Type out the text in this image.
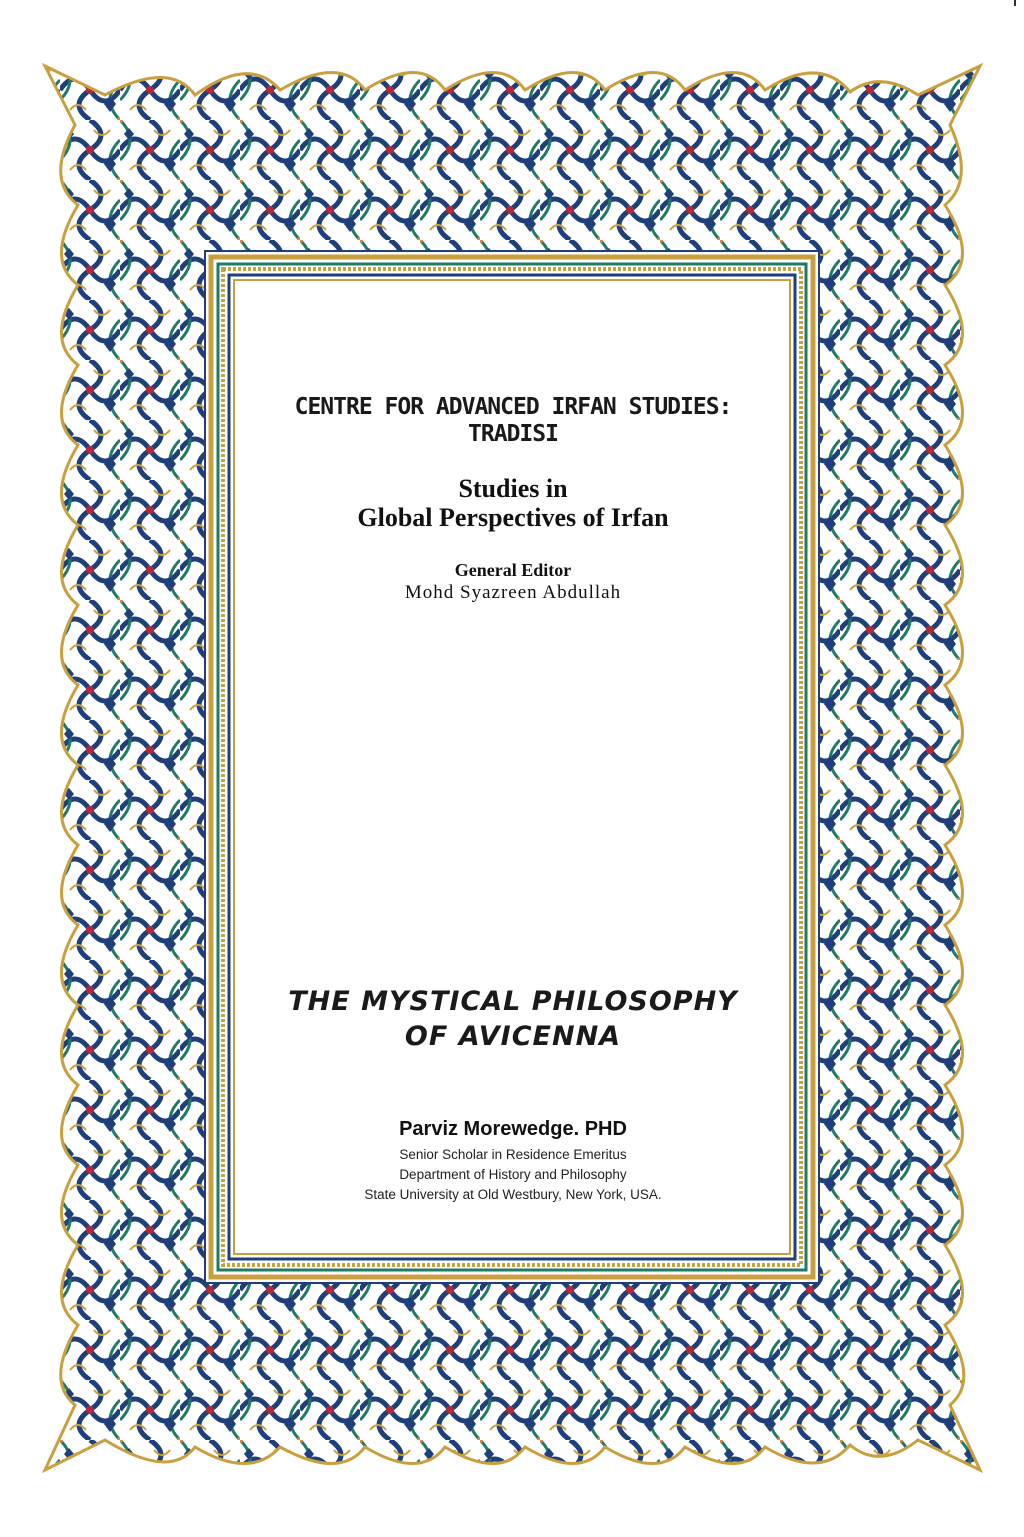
CENTRE FOR ADVANCED IRFAN STUDIES:
TRADISI
Studies in
Global Perspectives of Irfan
General Editor
Mohd Syazreen Abdullah
THE MYSTICAL PHILOSOPHY
OF AVICENNA
Parviz Morewedge. PHD
Senior Scholar in Residence Emeritus
Department of History and Philosophy
State University at Old Westbury, New York, USA.
